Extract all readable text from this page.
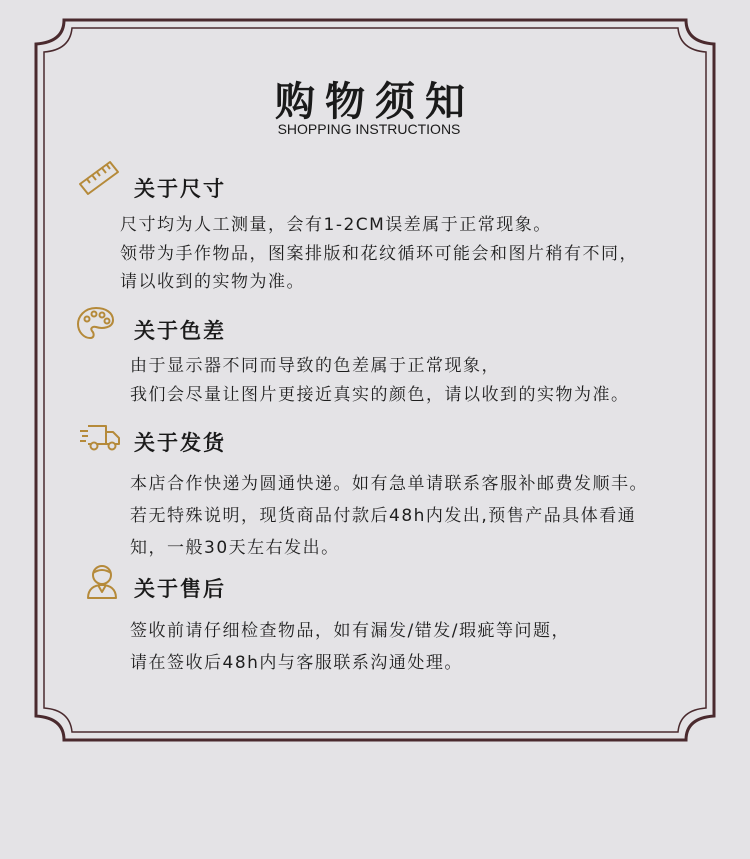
购物须知
SHOPPING INSTRUCTIONS
关于尺寸
尺寸均为人工测量，会有1-2CM误差属于正常现象。
领带为手作物品，图案排版和花纹循环可能会和图片稍有不同，
请以收到的实物为准。
关于色差
由于显示器不同而导致的色差属于正常现象，
我们会尽量让图片更接近真实的颜色，请以收到的实物为准。
关于发货
本店合作快递为圆通快递。如有急单请联系客服补邮费发顺丰。
若无特殊说明，现货商品付款后48h内发出,预售产品具体看通
知，一般30天左右发出。
关于售后
签收前请仔细检查物品，如有漏发/错发/瑕疵等问题，
请在签收后48h内与客服联系沟通处理。
